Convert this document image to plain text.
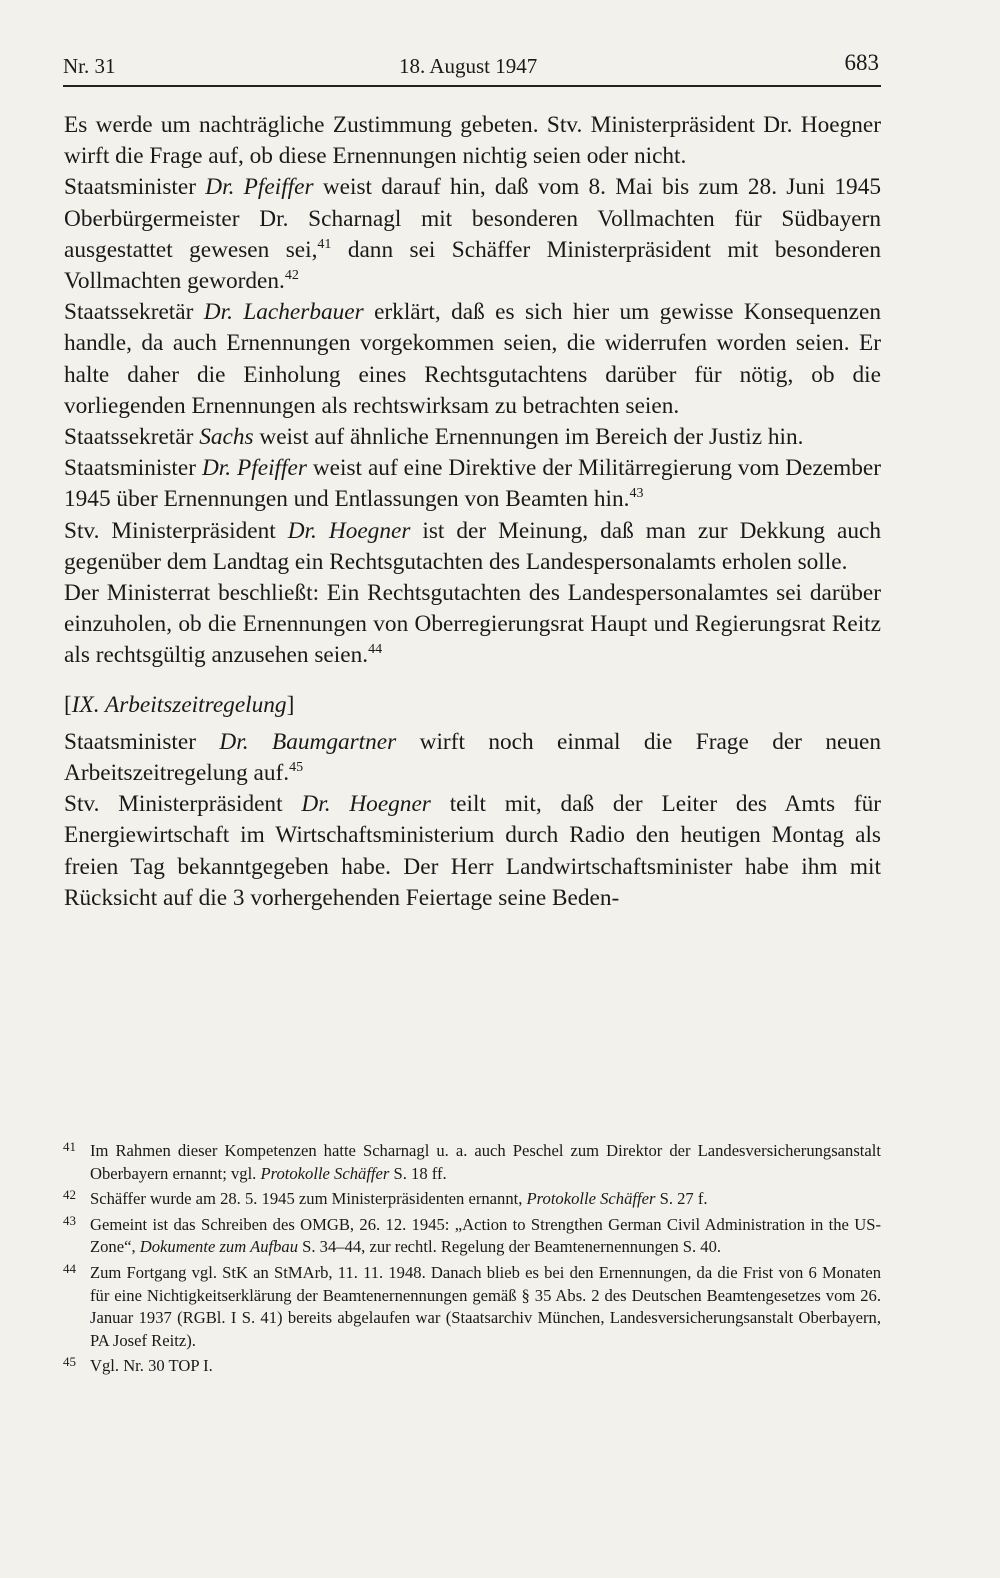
Nr. 31	18. August 1947	683

Es werde um nachträgliche Zustimmung gebeten. Stv. Ministerpräsident Dr. Hoegner wirft die Frage auf, ob diese Ernennungen nichtig seien oder nicht.

Staatsminister Dr. Pfeiffer weist darauf hin, daß vom 8. Mai bis zum 28. Juni 1945 Oberbürgermeister Dr. Scharnagl mit besonderen Vollmachten für Südbayern ausgestattet gewesen sei,$^{41}$ dann sei Schäffer Ministerpräsident mit besonderen Vollmachten geworden.$^{42}$

Staatssekretär Dr. Lacherbauer erklärt, daß es sich hier um gewisse Konsequenzen handle, da auch Ernennungen vorgekommen seien, die widerrufen worden seien. Er halte daher die Einholung eines Rechtsgutachtens darüber für nötig, ob die vorliegenden Ernennungen als rechtswirksam zu betrachten seien.

Staatssekretär Sachs weist auf ähnliche Ernennungen im Bereich der Justiz hin.

Staatsminister Dr. Pfeiffer weist auf eine Direktive der Militärregierung vom Dezember 1945 über Ernennungen und Entlassungen von Beamten hin.$^{43}$

Stv. Ministerpräsident Dr. Hoegner ist der Meinung, daß man zur Dekkung auch gegenüber dem Landtag ein Rechtsgutachten des Landespersonalamts erholen solle.

Der Ministerrat beschließt: Ein Rechtsgutachten des Landespersonalamtes sei darüber einzuholen, ob die Ernennungen von Oberregierungsrat Haupt und Regierungsrat Reitz als rechtsgültig anzusehen seien.$^{44}$

[IX. Arbeitszeitregelung]

Staatsminister Dr. Baumgartner wirft noch einmal die Frage der neuen Arbeitszeitregelung auf.$^{45}$

Stv. Ministerpräsident Dr. Hoegner teilt mit, daß der Leiter des Amts für Energiewirtschaft im Wirtschaftsministerium durch Radio den heutigen Montag als freien Tag bekanntgegeben habe. Der Herr Landwirtschaftsminister habe ihm mit Rücksicht auf die 3 vorhergehenden Feiertage seine Beden-

41 Im Rahmen dieser Kompetenzen hatte Scharnagl u. a. auch Peschel zum Direktor der Landesversicherungsanstalt Oberbayern ernannt; vgl. Protokolle Schäffer S. 18 ff.
42 Schäffer wurde am 28. 5. 1945 zum Ministerpräsidenten ernannt, Protokolle Schäffer S. 27 f.
43 Gemeint ist das Schreiben des OMGB, 26. 12. 1945: „Action to Strengthen German Civil Administration in the US-Zone“, Dokumente zum Aufbau S. 34–44, zur rechtl. Regelung der Beamtenernennungen S. 40.
44 Zum Fortgang vgl. StK an StMArb, 11. 11. 1948. Danach blieb es bei den Ernennungen, da die Frist von 6 Monaten für eine Nichtigkeitserklärung der Beamtenernennungen gemäß § 35 Abs. 2 des Deutschen Beamtengesetzes vom 26. Januar 1937 (RGBl. I S. 41) bereits abgelaufen war (Staatsarchiv München, Landesversicherungsanstalt Oberbayern, PA Josef Reitz).
45 Vgl. Nr. 30 TOP I.
